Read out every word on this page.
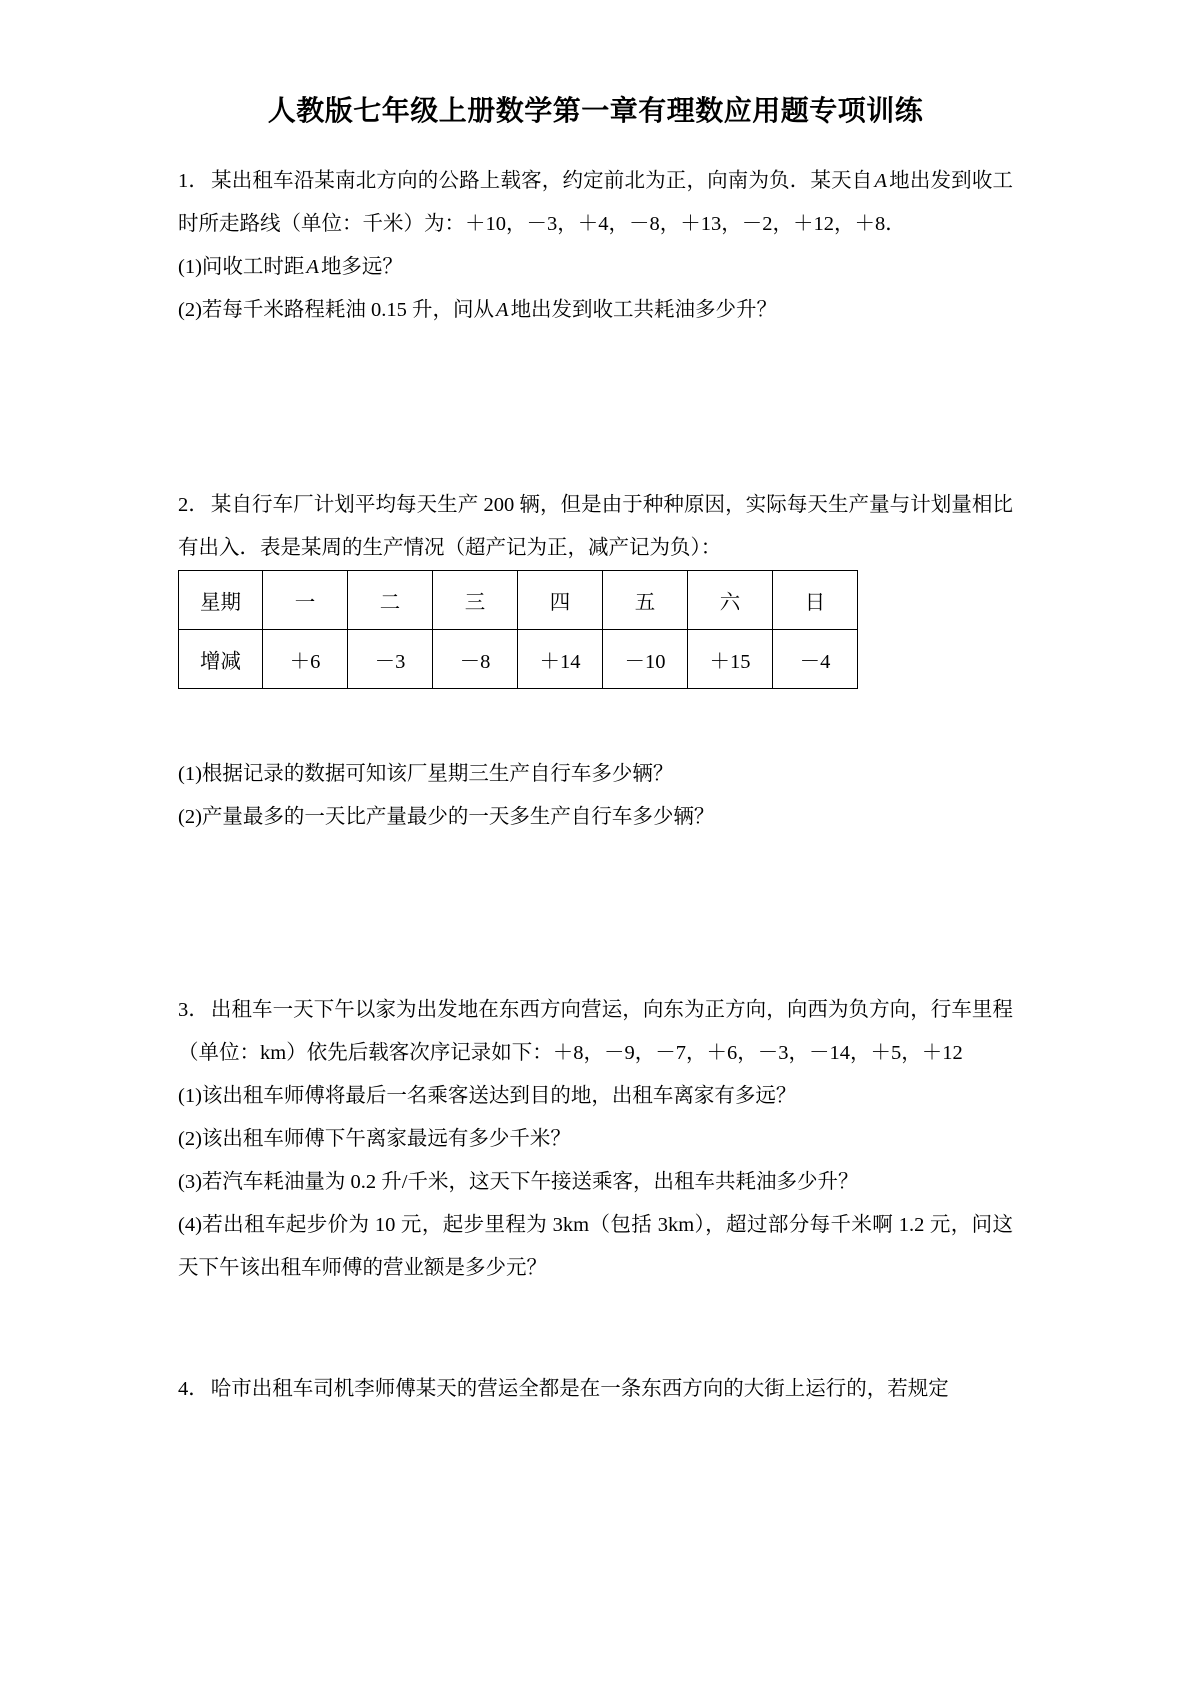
人教版七年级上册数学第一章有理数应用题专项训练

1．某出租车沿某南北方向的公路上载客，约定前北为正，向南为负．某天自A地出发到收工时所走路线（单位：千米）为：＋10，－3，＋4，－8，＋13，－2，＋12，＋8．

(1)问收工时距A地多远？

(2)若每千米路程耗油 0.15 升，问从A地出发到收工共耗油多少升？

2．某自行车厂计划平均每天生产 200 辆，但是由于种种原因，实际每天生产量与计划量相比有出入．表是某周的生产情况（超产记为正，减产记为负）：

星期	一	二	三	四	五	六	日
增减	＋6	－3	－8	＋14	－10	＋15	－4

(1)根据记录的数据可知该厂星期三生产自行车多少辆？

(2)产量最多的一天比产量最少的一天多生产自行车多少辆？

3．出租车一天下午以家为出发地在东西方向营运，向东为正方向，向西为负方向，行车里程（单位：km）依先后载客次序记录如下：＋8，－9，－7，＋6，－3，－14，＋5，＋12

(1)该出租车师傅将最后一名乘客送达到目的地，出租车离家有多远？

(2)该出租车师傅下午离家最远有多少千米？

(3)若汽车耗油量为 0.2 升/千米，这天下午接送乘客，出租车共耗油多少升？

(4)若出租车起步价为 10 元，起步里程为 3km（包括 3km），超过部分每千米啊 1.2 元，问这天下午该出租车师傅的营业额是多少元？

4．哈市出租车司机李师傅某天的营运全都是在一条东西方向的大街上运行的，若规定
